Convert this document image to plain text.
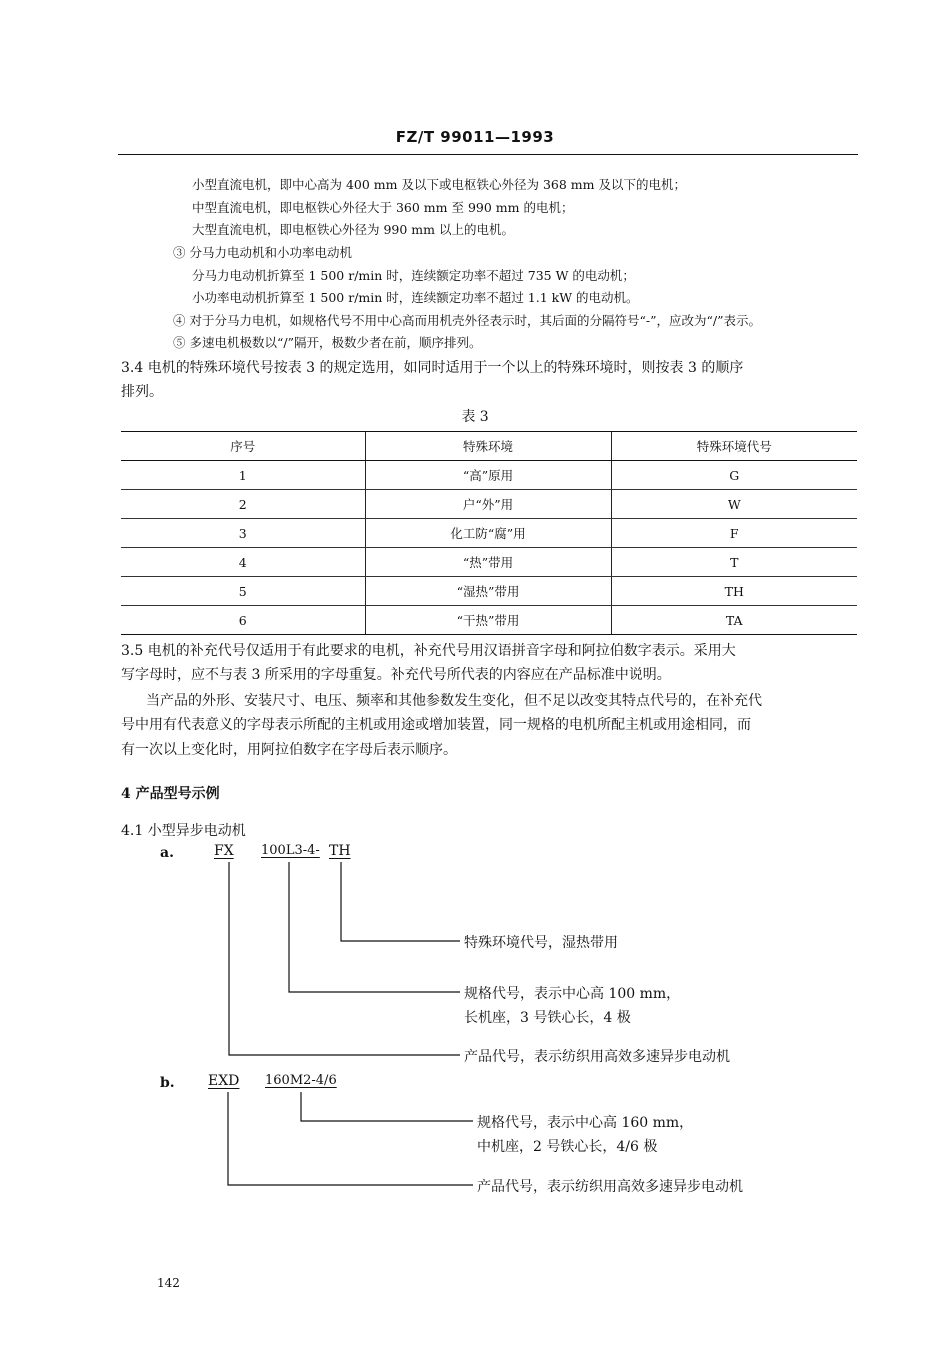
FZ/T 99011—1993
小型直流电机，即中心高为 400 mm 及以下或电枢铁心外径为 368 mm 及以下的电机；
中型直流电机，即电枢铁心外径大于 360 mm 至 990 mm 的电机；
大型直流电机，即电枢铁心外径为 990 mm 以上的电机。
③ 分马力电动机和小功率电动机
分马力电动机折算至 1 500 r/min 时，连续额定功率不超过 735 W 的电动机；
小功率电动机折算至 1 500 r/min 时，连续额定功率不超过 1.1 kW 的电动机。
④ 对于分马力电机，如规格代号不用中心高而用机壳外径表示时，其后面的分隔符号“-”，应改为“/”表示。
⑤ 多速电机极数以“/”隔开，极数少者在前，顺序排列。
3.4 电机的特殊环境代号按表 3 的规定选用，如同时适用于一个以上的特殊环境时，则按表 3 的顺序
排列。
表 3
序号	特殊环境	特殊环境代号
1	“高”原用	G
2	户“外”用	W
3	化工防“腐”用	F
4	“热”带用	T
5	“湿热”带用	TH
6	“干热”带用	TA
3.5 电机的补充代号仅适用于有此要求的电机，补充代号用汉语拼音字母和阿拉伯数字表示。采用大
写字母时，应不与表 3 所采用的字母重复。补充代号所代表的内容应在产品标准中说明。
当产品的外形、安装尺寸、电压、频率和其他参数发生变化，但不足以改变其特点代号的，在补充代
号中用有代表意义的字母表示所配的主机或用途或增加装置，同一规格的电机所配主机或用途相同，而
有一次以上变化时，用阿拉伯数字在字母后表示顺序。
4 产品型号示例
4.1 小型异步电动机
a.	FX 100L3-4- TH
特殊环境代号，湿热带用
规格代号，表示中心高 100 mm，
长机座，3 号铁心长，4 极
产品代号，表示纺织用高效多速异步电动机
b. EXD 160M2-4/6
规格代号，表示中心高 160 mm，
中机座，2 号铁心长，4/6 极
产品代号，表示纺织用高效多速异步电动机
142
